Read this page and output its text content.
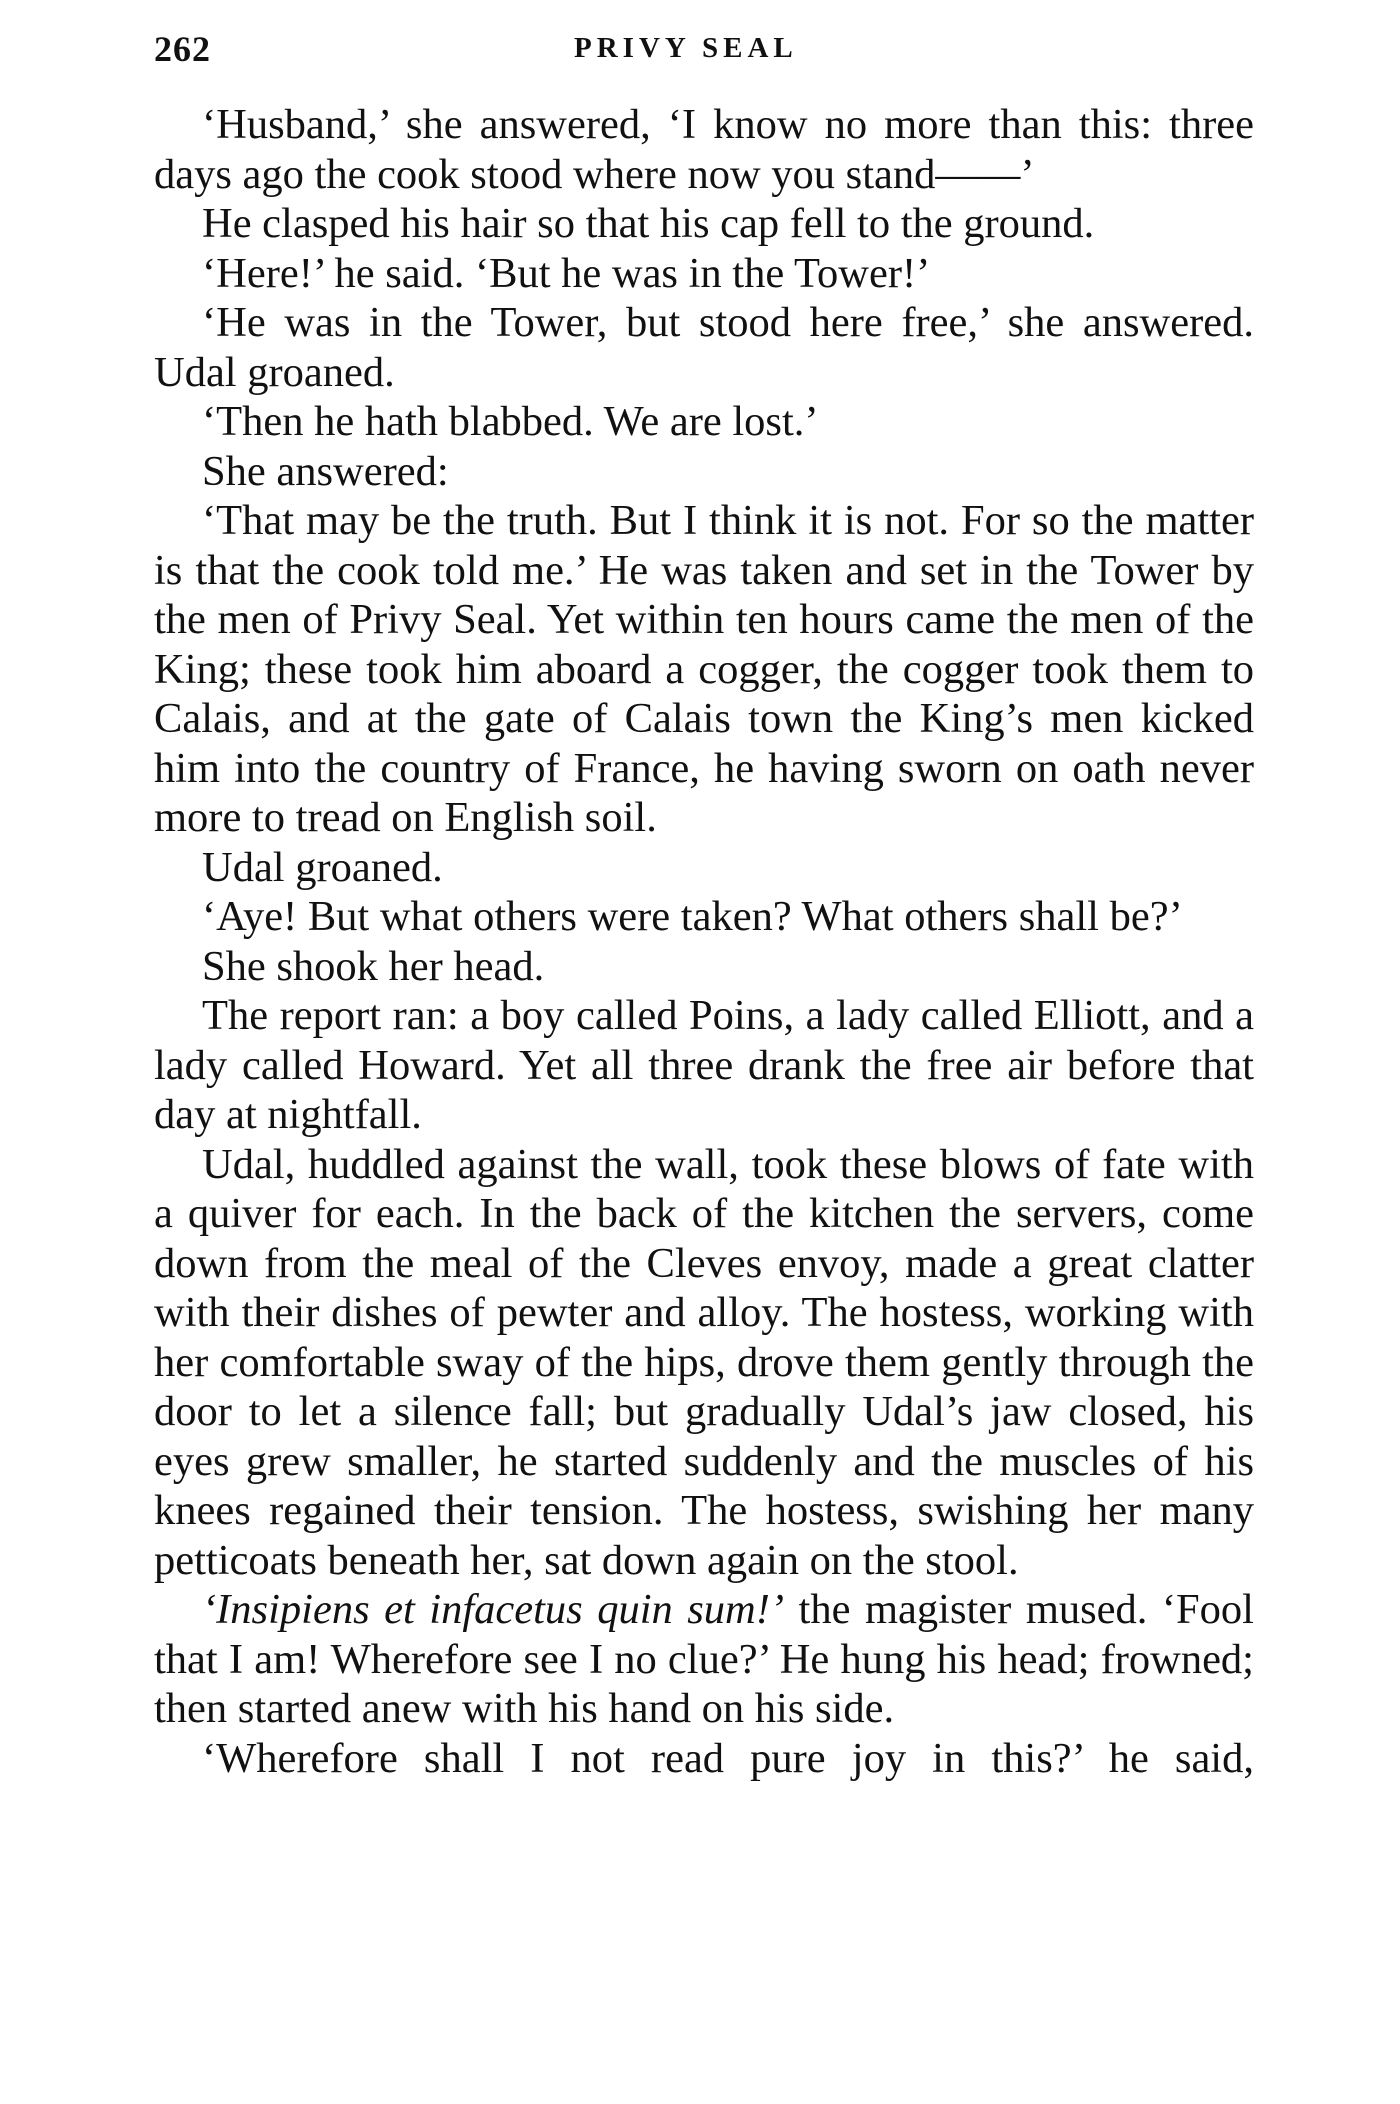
262	PRIVY SEAL

‘Husband,’ she answered, ‘I know no more than this: three days ago the cook stood where now you stand——’

He clasped his hair so that his cap fell to the ground.

‘Here!’ he said. ‘But he was in the Tower!’

‘He was in the Tower, but stood here free,’ she answered. Udal groaned.

‘Then he hath blabbed. We are lost.’

She answered:

‘That may be the truth. But I think it is not. For so the matter is that the cook told me.’ He was taken and set in the Tower by the men of Privy Seal. Yet within ten hours came the men of the King; these took him aboard a cogger, the cogger took them to Calais, and at the gate of Calais town the King’s men kicked him into the country of France, he having sworn on oath never more to tread on English soil.

Udal groaned.

‘Aye! But what others were taken? What others shall be?’

She shook her head.

The report ran: a boy called Poins, a lady called Elliott, and a lady called Howard. Yet all three drank the free air before that day at nightfall.

Udal, huddled against the wall, took these blows of fate with a quiver for each. In the back of the kitchen the servers, come down from the meal of the Cleves envoy, made a great clatter with their dishes of pewter and alloy. The hostess, working with her comfortable sway of the hips, drove them gently through the door to let a silence fall; but gradually Udal’s jaw closed, his eyes grew smaller, he started suddenly and the muscles of his knees regained their tension. The hostess, swishing her many petticoats beneath her, sat down again on the stool.

‘Insipiens et infacetus quin sum!’ the magister mused. ‘Fool that I am! Wherefore see I no clue?’ He hung his head; frowned; then started anew with his hand on his side.

‘Wherefore shall I not read pure joy in this?’ he said,
